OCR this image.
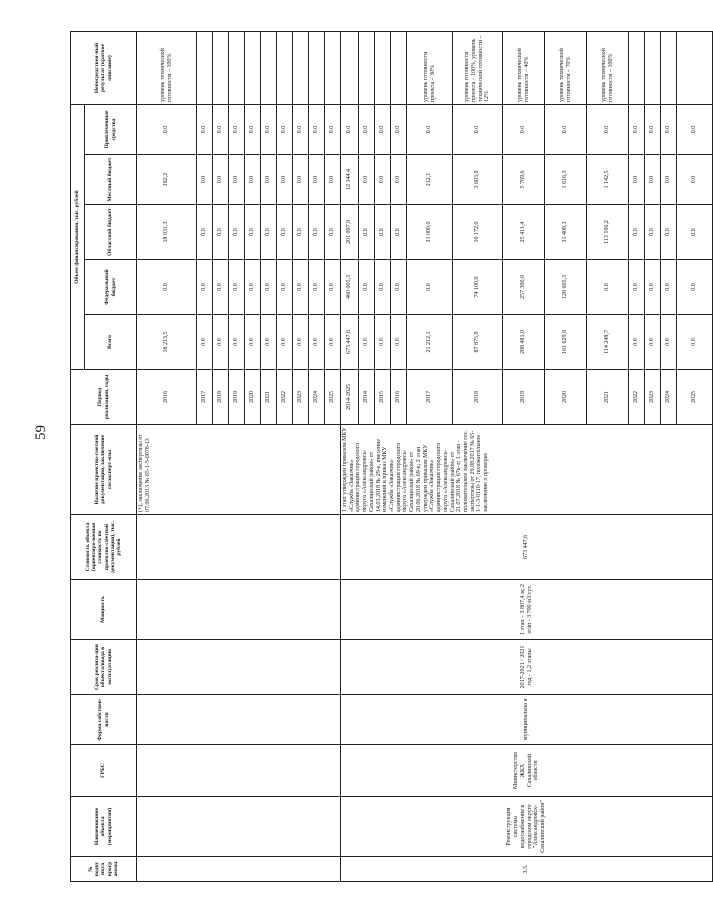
59
№ подпу нкта прогр аммы	Наименование объекта (мероприятия)	ГРБС	Форма собствен-ности	Срок реализа-ции объекта/ввода в эксплуатацию	Мощность	Стоимость объекта (ориентиро-вочная стоимость по проектно-сметной документации), тыс. рублей	Наличие проектно-сметной документации, заключение госэксперт-изы	Период реализации, годы	Объем финансирования, тыс. рублей					Непосредствен-ный результат (краткое описание)
									Всего	Федеральный бюджет	Областной бюджет	Местный бюджет	Привлеченные средства	
							(+), заключение экспертизы от 07.06.2013 № 65-1-5-0078-13	2016	18 213,5	0.0	18 031,3	182,2	0.0	уровень технической готовности – 100%
								2017	0.0	0.0	0.0	0.0	0.0	
								2018	0.0	0.0	0.0	0.0	0.0	
								2019	0.0	0.0	0.0	0.0	0.0	
								2020	0.0	0.0	0.0	0.0	0.0	
								2021	0.0	0.0	0.0	0.0	0.0	
								2022	0.0	0.0	0.0	0.0	0.0	
								2023	0.0	0.0	0.0	0.0	0.0	
								2024	0.0	0.0	0.0	0.0	0.0	
								2025	0.0	0.0	0.0	0.0	0.0	
3.5.	Реконструкция системы водоснабжения в городском округе "Александровск-Сахалинский район"	Министерство ЖКХ Сахалинской области	муниципальна я	2017-2021 / 2021 год - 1,2 этапы	1 этап – 3 807,4 м; 2 этап - 3 700 м3/сут.	673 447,6	1 этап утвержден приказом МКУ «Служба «Заказчик» администрации городского округа «Александровск-Сахалинский район» от 14.03.2018 № 29-к, внесение изменений в приказ МКУ «Служба «Заказчик» администрации городского округа «Александровск-Сахалинский район» от 20.06.2018 № 69-к; 2 этап утвержден приказом МКУ «Служба «Заказчик» администрации городского округа «Александровск-Сахалинский район» от 21.07.2018 № 67к-л; 1 этап - положительное заключение гос. экспертизы от 29.08.2017 № 65-1-1-3-0110-17, положительное заключение о проверке	2014-2025	673 447,6	460 005,3	201 097,9	12 344,4	0.0	
								2014	0.0	0.0	0.0	0.0	0.0	
								2015	0.0	0.0	0.0	0.0	0.0	
								2016	0.0	0.0	0.0	0.0	0.0	
								2017	21 212,1	0.0	21 000,0	212,1	0.0	уровень готовности проекта – 30%
								2018	87 875,9	74 100,0	10 172,0	3 603,9	0.0	уровень готовности проекта – 100%, уровень технической готовности – 12%
								2019	288 481,0	257 300,0	25 411,4	5 769,6	0.0	уровень технической готовности – 40%
								2020	161 629,9	128 605,3	31 408,3	1 616,3	0.0	уровень технической готовности – 70%
								2021	114 248,7	0.0	113 106,2	1 142,5	0.0	уровень технической готовности – 100%
								2022	0.0	0.0	0.0	0.0	0.0	
								2023	0.0	0.0	0.0	0.0	0.0	
								2024	0.0	0.0	0.0	0.0	0.0	
								2025	0.0	0.0	0.0	0.0	0.0	
